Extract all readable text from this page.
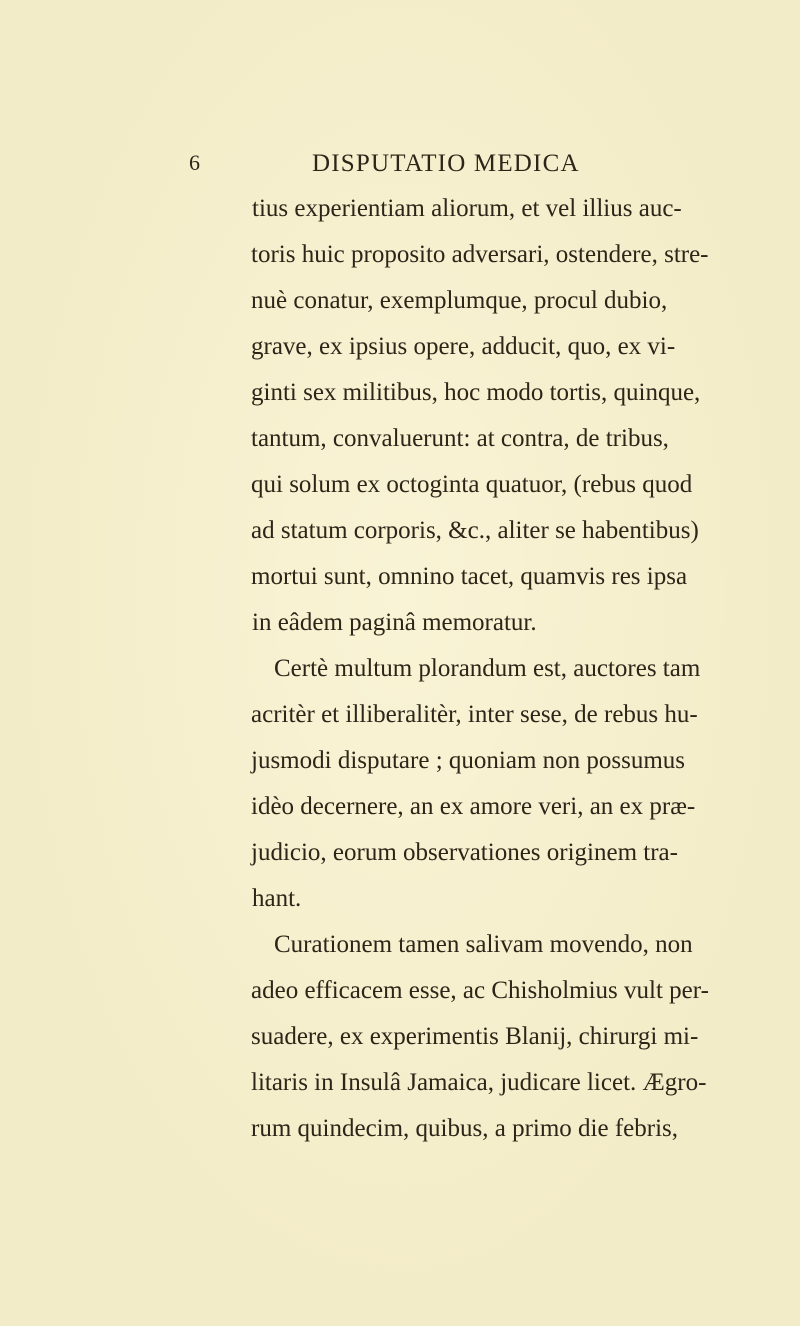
6	DISPUTATIO MEDICA
tius experientiam aliorum, et vel illius auc-
toris huic proposito adversari, ostendere, stre-
nuè conatur, exemplumque, procul dubio,
grave, ex ipsius opere, adducit, quo, ex vi-
ginti sex militibus, hoc modo tortis, quinque,
tantum, convaluerunt: at contra, de tribus,
qui solum ex octoginta quatuor, (rebus quod
ad statum corporis, &c., aliter se habentibus)
mortui sunt, omnino tacet, quamvis res ipsa
in eâdem paginâ memoratur.
Certè multum plorandum est, auctores tam
acritèr et illiberalitèr, inter sese, de rebus hu-
jusmodi disputare ; quoniam non possumus
idèo decernere, an ex amore veri, an ex præ-
judicio, eorum observationes originem tra-
hant.
Curationem tamen salivam movendo, non
adeo efficacem esse, ac Chisholmius vult per-
suadere, ex experimentis Blanij, chirurgi mi-
litaris in Insulâ Jamaica, judicare licet. Ægro-
rum quindecim, quibus, a primo die febris,
